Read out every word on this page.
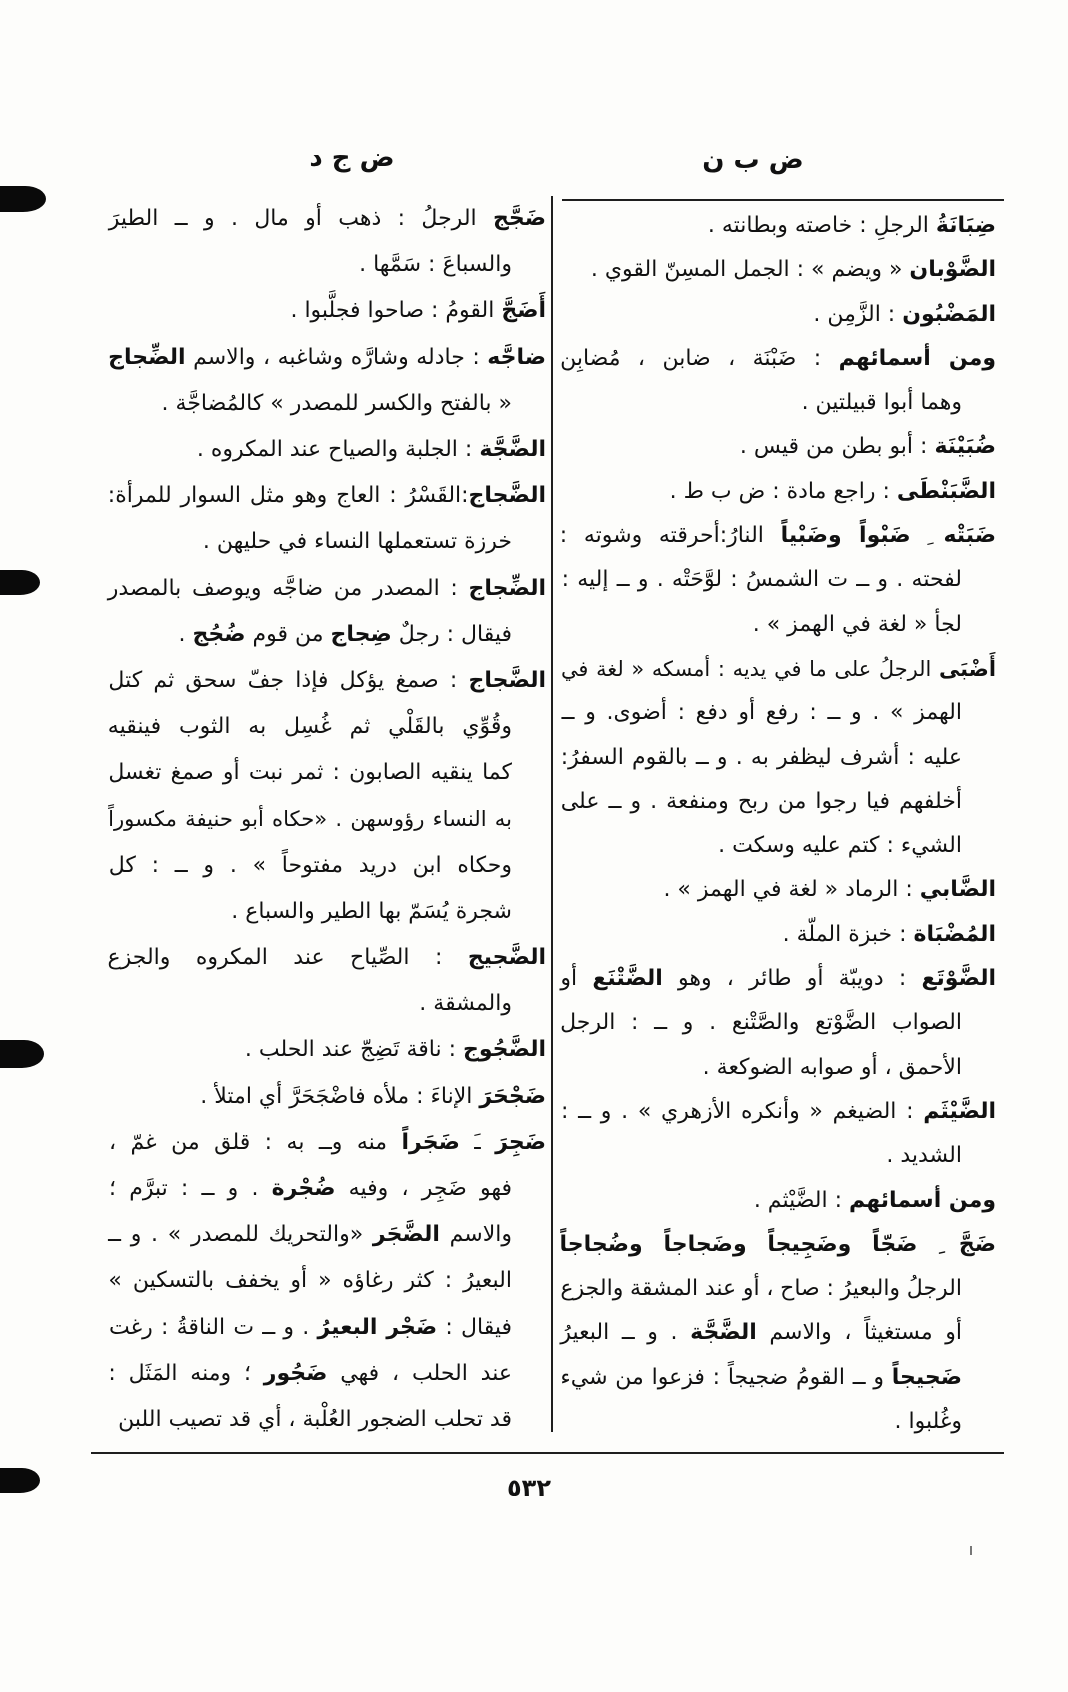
ض ب ن
ض ج د
ضِبَانَةُ الرجلِ : خاصته وبطانته .
الضَّوْبان « ويضم » : الجمل المسِنّ القوي .
المَضْبُون : الزَّمِن .
ومن أسمائهم : ضَبْنَة ، ضابن ، مُضابِن
وهما أبوا قبيلتين .
ضُبَيْنَة : أبو بطن من قيس .
الضَّبَنْطَى : راجع مادة : ض ب ط .
ضَبَتْه ِ ضَبْواً وضَبْياً النارُ:أحرقته وشوته :
لفحته . و ــ ت الشمسُ : لوَّحَتْه . و ــ إليه :
لجأ « لغة في الهمز » .
أَضْبَى الرجلُ على ما في يديه : أمسكه « لغة في
الهمز » . و ــ : رفع أو دفع : أضوى. و ــ
عليه : أشرف ليظفر به . و ــ بالقوم السفرُ:
أخلفهم فيا رجوا من ربح ومنفعة . و ــ على
الشيء : كتم عليه وسكت .
الضَّابي : الرماد « لغة في الهمز » .
المُضْبَاة : خبزة الملّة .
الضَّوْتَع : دويبّة أو طائر ، وهو الضَّتْنَع أو
الصواب الضَّوْتع والصَّتْنع . و ــ : الرجل
الأحمق ، أو صوابه الضوكعة .
الضَّيْثَم : الضيغم « وأنكره الأزهري » . و ــ :
الشديد .
ومن أسمائهم : الضَّيْثم .
ضَجَّ ِ ضَجّاً وضَجِيجاً وضَجاجاً وضُجاجاً
الرجلُ والبعيرُ : صاح ، أو عند المشقة والجزع
أو مستغيثاً ، والاسم الضَّجَّة . و ــ البعيرُ
ضَجيجاً و ــ القومُ ضجيجاً : فزعوا من شيء
وغُلبوا .
ضَجَّج الرجلُ : ذهب أو مال . و ــ الطيرَ
والسباعَ : سَمَّها .
أَضَجَّ القومُ : صاحوا فجلَّبوا .
ضاجَّه : جادله وشارَّه وشاغبه ، والاسم الضِّجاج
« بالفتح والكسر للمصدر » كالمُضاجَّة .
الضَّجَّة : الجلبة والصياح عند المكروه .
الضَّجاج:القَسْرُ : العاج وهو مثل السوار للمرأة:
خرزة تستعملها النساء في حليهن .
الضِّجاج : المصدر من ضاجَّه ويوصف بالمصدر
فيقال : رجلٌ ضِجاج من قوم ضُجُج .
الضَّجاج : صمغ يؤكل فإذا جفّ سحق ثم كتل
وقُوِّي بالقَلْي ثم غُسِل به الثوب فينقيه
كما ينقيه الصابون : ثمر نبت أو صمغ تغسل
به النساء رؤوسهن . «حكاه أبو حنيفة مكسوراً
وحكاه ابن دريد مفتوحاً » . و ــ : كل
شجرة يُسَمّ بها الطير والسباع .
الضَّجيج : الصِّياح عند المكروه والجزع
والمشقة .
الضَّجُوج : ناقة تَضِجّ عند الحلب .
ضَجْحَرَ الإناءَ : ملأه فاضْجَحَرَّ أي امتلأ .
ضَجِرَ ـَ ضَجَراً منه وــ به : قلق من غمّ ،
فهو ضَجِر ، وفيه ضُجْرة . و ــ : تبرَّم ؛
والاسم الضَّجَر «والتحريك للمصدر » . و ــ
البعيرُ : كثر رغاؤه « أو يخفف بالتسكين »
فيقال : ضَجْر البعيرُ . و ــ ت الناقةُ : رغت
عند الحلب ، فهي ضَجُور ؛ ومنه المَثَل :
قد تحلب الضجور العُلْبة ، أي قد تصيب اللبن
٥٣٢
